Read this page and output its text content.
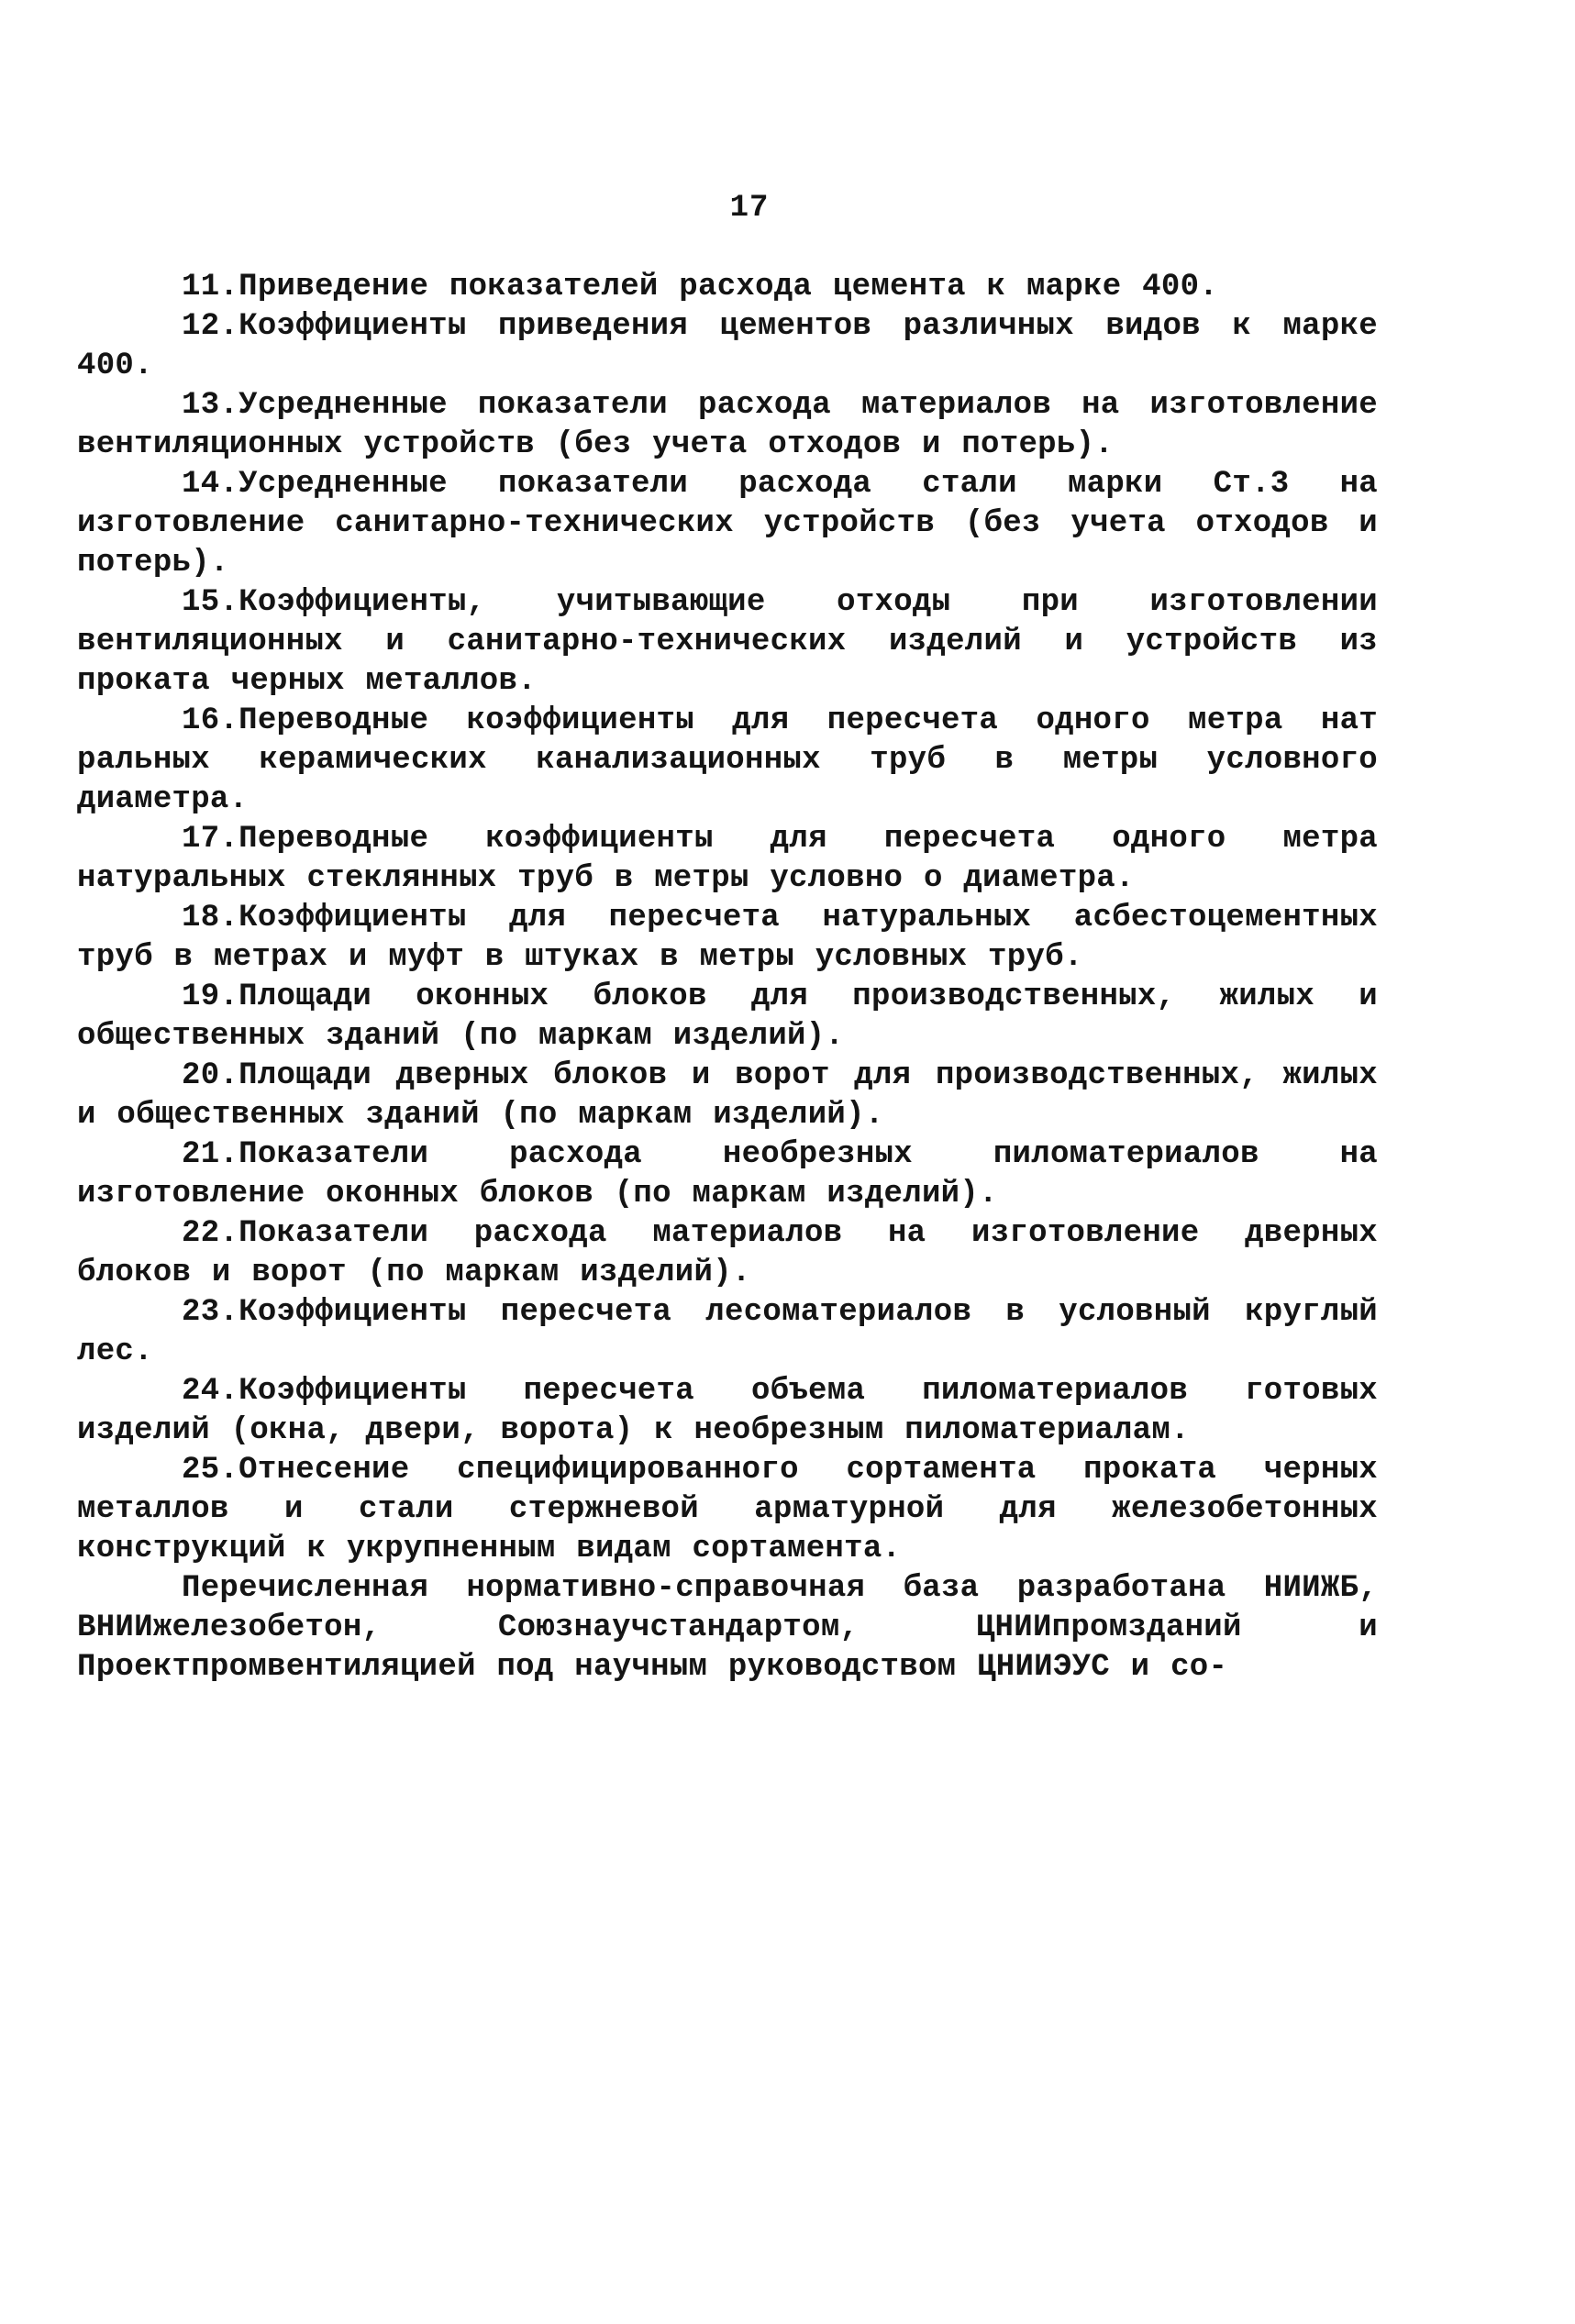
17

11.Приведение показателей расхода цемента к марке 400.

12.Коэффициенты приведения цементов различных видов к марке 400.

13.Усредненные показатели расхода материалов на изготовление вентиляционных устройств (без учета отходов и потерь).

14.Усредненные показатели расхода стали марки Ст.3 на изготовление санитарно-технических устройств (без учета отходов и потерь).

15.Коэффициенты, учитывающие отходы при изготовлении вентиляционных и санитарно-технических изделий и устройств из проката черных металлов.

16.Переводные коэффициенты для пересчета одного метра нат ральных керамических канализационных труб в метры условного диаметра.

17.Переводные коэффициенты для пересчета одного метра натуральных стеклянных труб в метры условно о диаметра.

18.Коэффициенты для пересчета натуральных асбестоцементных труб в метрах и муфт в штуках в метры условных труб.

19.Площади оконных блоков для производственных, жилых и общественных зданий (по маркам изделий).

20.Площади дверных блоков и ворот для производственных, жилых и общественных зданий (по маркам изделий).

21.Показатели расхода необрезных пиломатериалов на изготовление оконных блоков (по маркам изделий).

22.Показатели расхода материалов на изготовление дверных блоков и ворот (по маркам изделий).

23.Коэффициенты пересчета лесоматериалов в условный круглый лес.

24.Коэффициенты пересчета объема пиломатериалов готовых изделий (окна, двери, ворота) к необрезным пиломатериалам.

25.Отнесение специфицированного сортамента проката черных металлов и стали стержневой арматурной для железобетонных конструкций к укрупненным видам сортамента.

Перечисленная нормативно-справочная база разработана НИИЖБ, ВНИИжелезобетон, Союзнаучстандартом, ЦНИИпромзданий и Проектпромвентиляцией под научным руководством ЦНИИЭУС и со-
